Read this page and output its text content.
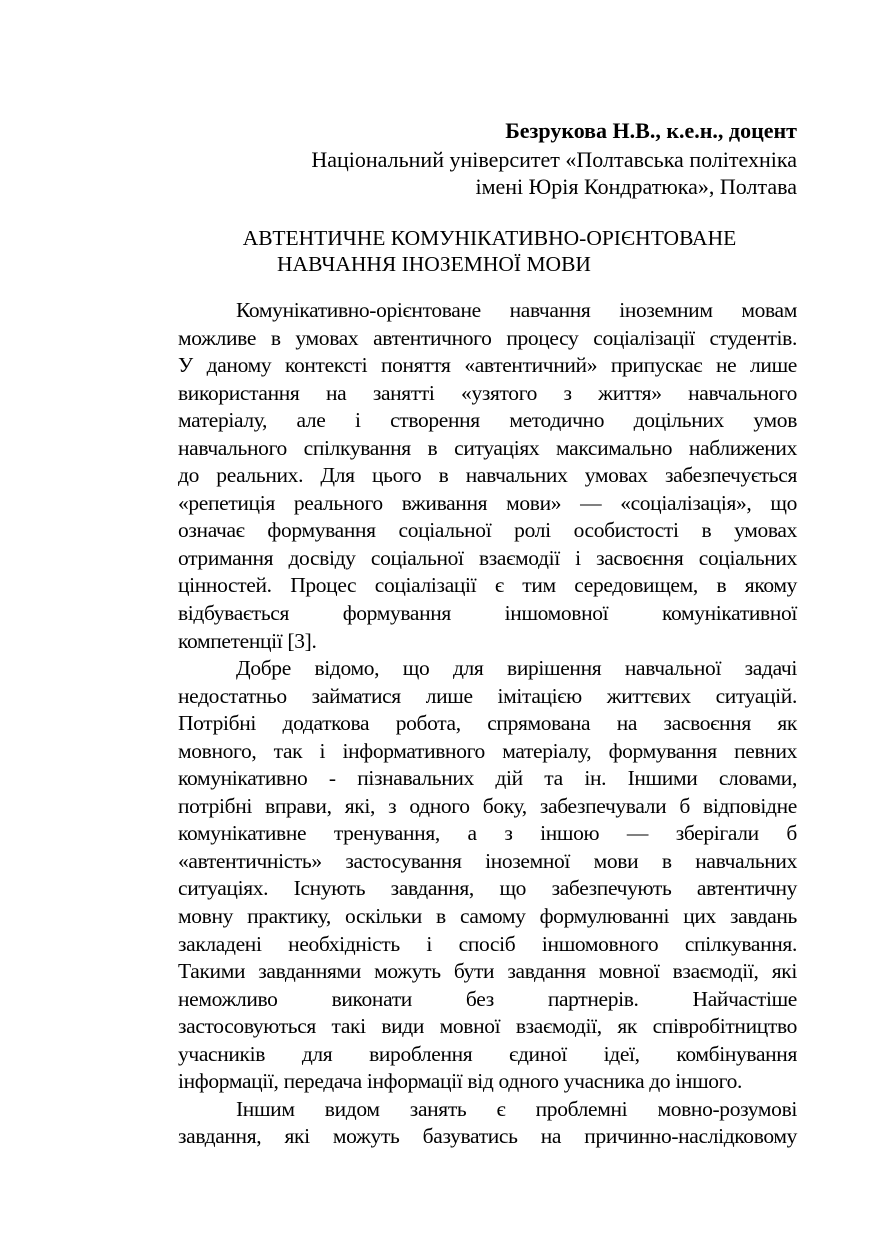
Безрукова Н.В., к.е.н., доцент
Національний університет «Полтавська політехніка
імені Юрія Кондратюка», Полтава
АВТЕНТИЧНЕ КОМУНІКАТИВНО-ОРІЄНТОВАНЕ
НАВЧАННЯ ІНОЗЕМНОЇ МОВИ
Комунікативно-орієнтоване навчання іноземним мовам
можливе в умовах автентичного процесу соціалізації студентів.
У даному контексті поняття «автентичний» припускає не лише
використання на занятті «узятого з життя» навчального
матеріалу, але і створення методично доцільних умов
навчального спілкування в ситуаціях максимально наближених
до реальних. Для цього в навчальних умовах забезпечується
«репетиція реального вживання мови» — «соціалізація», що
означає формування соціальної ролі особистості в умовах
отримання досвіду соціальної взаємодії і засвоєння соціальних
цінностей. Процес соціалізації є тим середовищем, в якому
відбувається формування іншомовної комунікативної
компетенції [3].
Добре відомо, що для вирішення навчальної задачі
недостатньо займатися лише імітацією життєвих ситуацій.
Потрібні додаткова робота, спрямована на засвоєння як
мовного, так і інформативного матеріалу, формування певних
комунікативно - пізнавальних дій та ін. Іншими словами,
потрібні вправи, які, з одного боку, забезпечували б відповідне
комунікативне тренування, а з іншою — зберігали б
«автентичність» застосування іноземної мови в навчальних
ситуаціях. Існують завдання, що забезпечують автентичну
мовну практику, оскільки в самому формулюванні цих завдань
закладені необхідність і спосіб іншомовного спілкування.
Такими завданнями можуть бути завдання мовної взаємодії, які
неможливо виконати без партнерів. Найчастіше
застосовуються такі види мовної взаємодії, як співробітництво
учасників для вироблення єдиної ідеї, комбінування
інформації, передача інформації від одного учасника до іншого.
Іншим видом занять є проблемні мовно-розумові
завдання, які можуть базуватись на причинно-наслідковому
